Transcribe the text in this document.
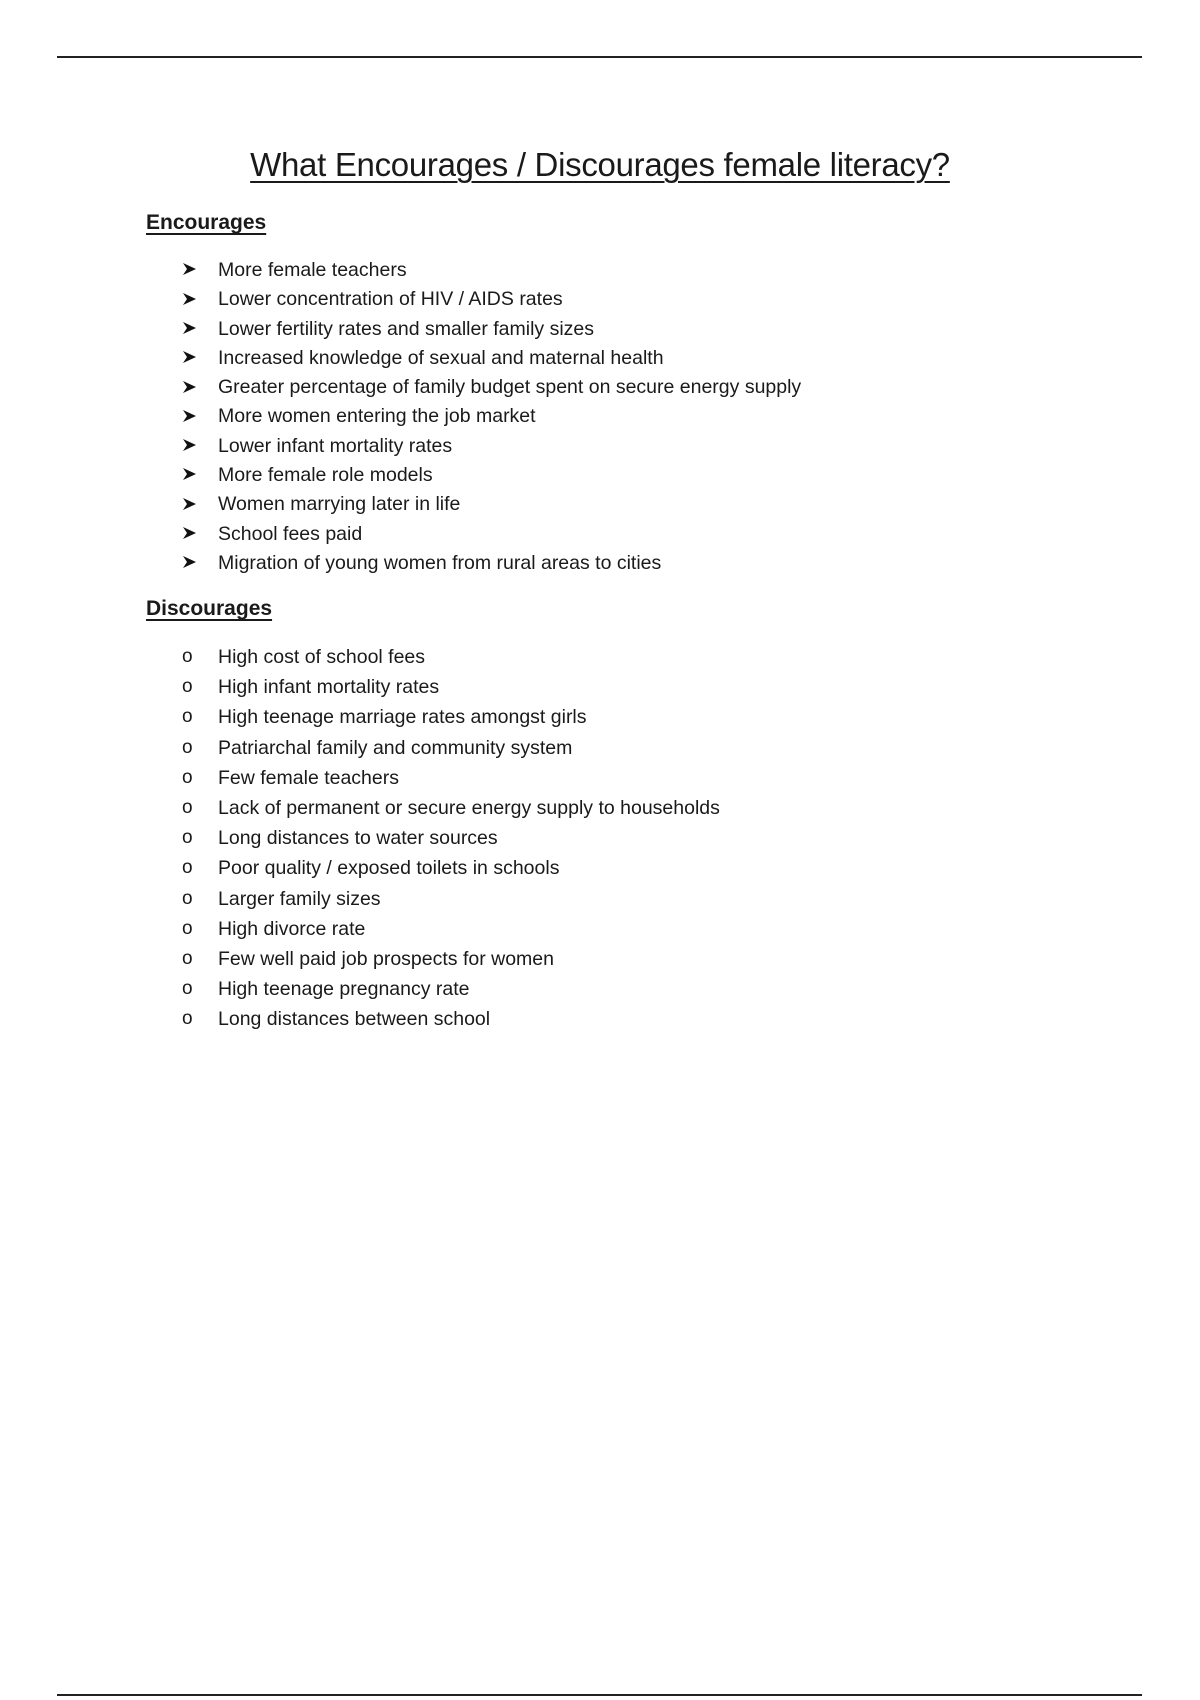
What Encourages / Discourages female literacy?
Encourages
More female teachers
Lower concentration of HIV / AIDS rates
Lower fertility rates and smaller family sizes
Increased knowledge of sexual and maternal health
Greater percentage of family budget spent on secure energy supply
More women entering the job market
Lower infant mortality rates
More female role models
Women marrying later in life
School fees paid
Migration of young women from rural areas to cities
Discourages
o	High cost of school fees
o	High infant mortality rates
o	High teenage marriage rates amongst girls
o	Patriarchal family and community system
o	Few female teachers
o	Lack of permanent or secure energy supply to households
o	Long distances to water sources
o	Poor quality / exposed toilets in schools
o	Larger family sizes
o	High divorce rate
o	Few well paid job prospects for women
o	High teenage pregnancy rate
o	Long distances between school
